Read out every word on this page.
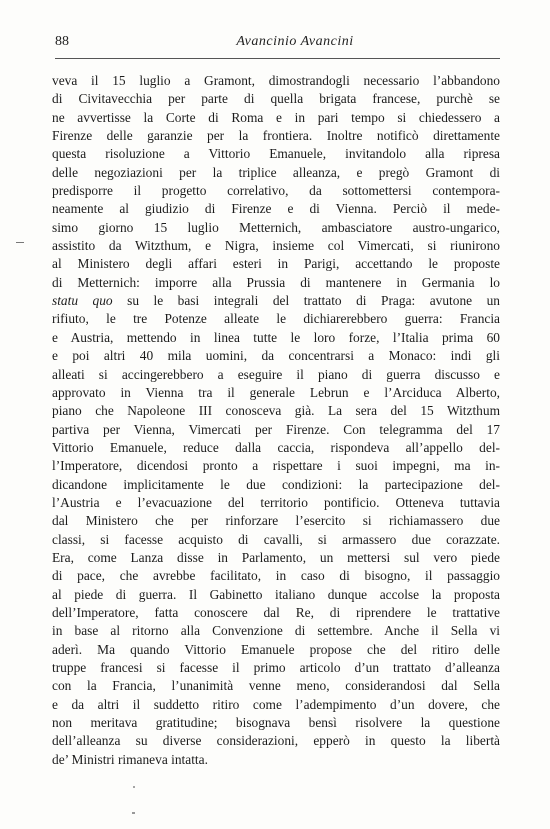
88	Avancinio Avancini
veva il 15 luglio a Gramont, dimostrandogli necessario l’abbandono
di Civitavecchia per parte di quella brigata francese, purchè se
ne avvertisse la Corte di Roma e in pari tempo si chiedessero a
Firenze delle garanzie per la frontiera. Inoltre notificò direttamente
questa risoluzione a Vittorio Emanuele, invitandolo alla ripresa
delle negoziazioni per la triplice alleanza, e pregò Gramont di
predisporre il progetto correlativo, da sottomettersi contempora-
neamente al giudizio di Firenze e di Vienna. Perciò il mede-
simo giorno 15 luglio Metternich, ambasciatore austro-ungarico,
assistito da Witzthum, e Nigra, insieme col Vimercati, si riunirono
al Ministero degli affari esteri in Parigi, accettando le proposte
di Metternich: imporre alla Prussia di mantenere in Germania lo
statu quo su le basi integrali del trattato di Praga: avutone un
rifiuto, le tre Potenze alleate le dichiarerebbero guerra: Francia
e Austria, mettendo in linea tutte le loro forze, l’Italia prima 60
e poi altri 40 mila uomini, da concentrarsi a Monaco: indi gli
alleati si accingerebbero a eseguire il piano di guerra discusso e
approvato in Vienna tra il generale Lebrun e l’Arciduca Alberto,
piano che Napoleone III conosceva già. La sera del 15 Witzthum
partiva per Vienna, Vimercati per Firenze. Con telegramma del 17
Vittorio Emanuele, reduce dalla caccia, rispondeva all’appello del-
l’Imperatore, dicendosi pronto a rispettare i suoi impegni, ma in-
dicandone implicitamente le due condizioni: la partecipazione del-
l’Austria e l’evacuazione del territorio pontificio. Otteneva tuttavia
dal Ministero che per rinforzare l’esercito si richiamassero due
classi, si facesse acquisto di cavalli, si armassero due corazzate.
Era, come Lanza disse in Parlamento, un mettersi sul vero piede
di pace, che avrebbe facilitato, in caso di bisogno, il passaggio
al piede di guerra. Il Gabinetto italiano dunque accolse la proposta
dell’Imperatore, fatta conoscere dal Re, di riprendere le trattative
in base al ritorno alla Convenzione di settembre. Anche il Sella vi
aderì. Ma quando Vittorio Emanuele propose che del ritiro delle
truppe francesi si facesse il primo articolo d’un trattato d’alleanza
con la Francia, l’unanimità venne meno, considerandosi dal Sella
e da altri il suddetto ritiro come l’adempimento d’un dovere, che
non meritava gratitudine; bisognava bensì risolvere la questione
dell’alleanza su diverse considerazioni, epperò in questo la libertà
de’ Ministri rimaneva intatta.
